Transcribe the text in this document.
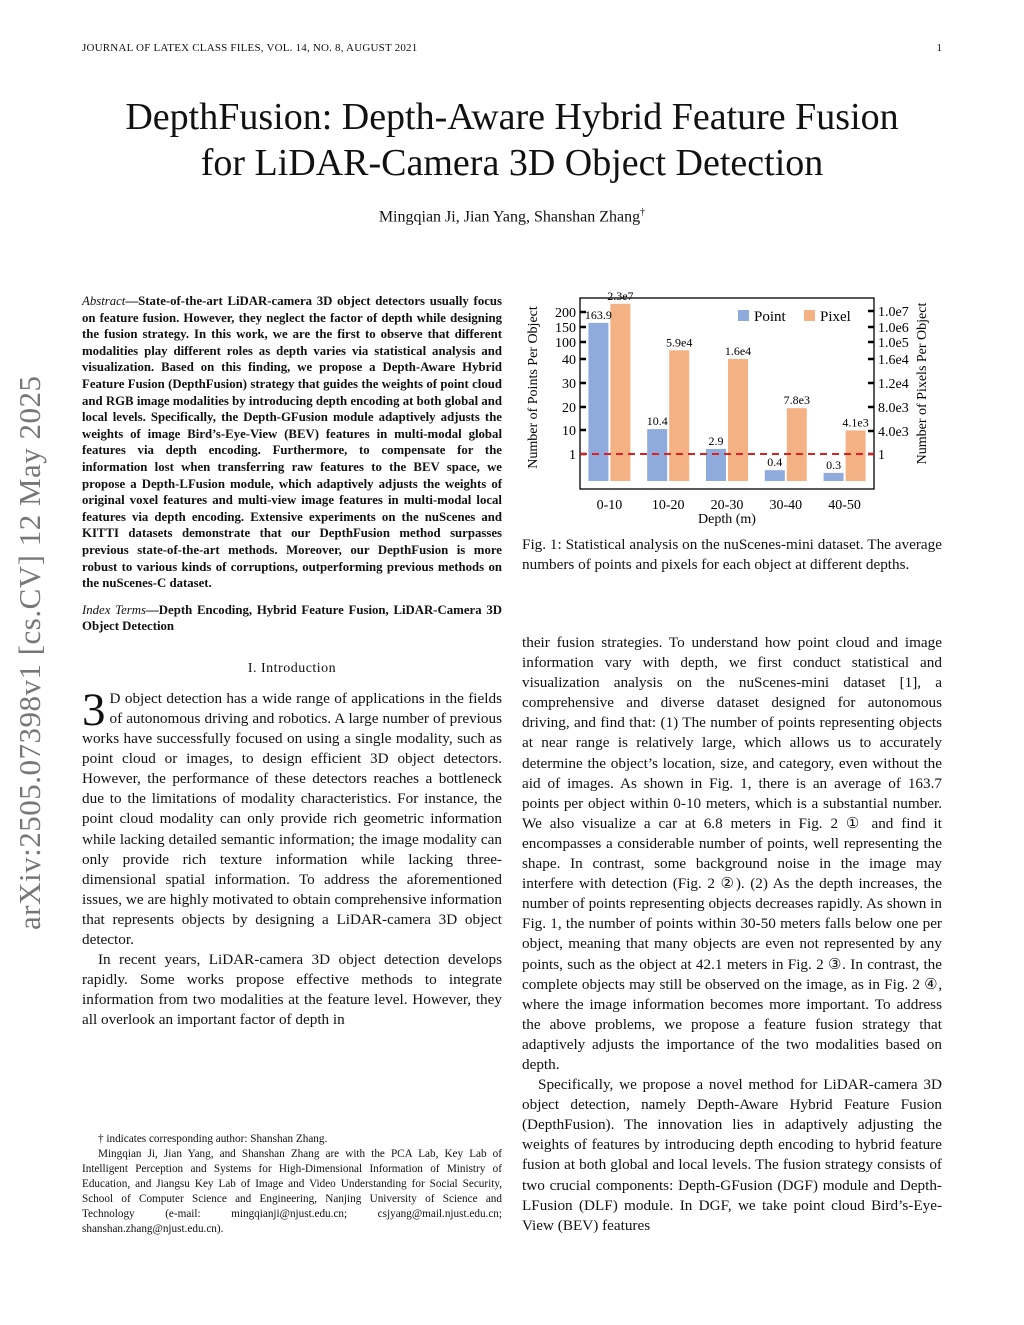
JOURNAL OF LATEX CLASS FILES, VOL. 14, NO. 8, AUGUST 2021	1
DepthFusion: Depth-Aware Hybrid Feature Fusion
for LiDAR-Camera 3D Object Detection
Mingqian Ji, Jian Yang, Shanshan Zhang†
arXiv:2505.07398v1 [cs.CV] 12 May 2025

Abstract—State-of-the-art LiDAR-camera 3D object detectors usually focus on feature fusion. However, they neglect the factor of depth while designing the fusion strategy. In this work, we are the first to observe that different modalities play different roles as depth varies via statistical analysis and visualization. Based on this finding, we propose a Depth-Aware Hybrid Feature Fusion (DepthFusion) strategy that guides the weights of point cloud and RGB image modalities by introducing depth encoding at both global and local levels. Specifically, the Depth-GFusion module adaptively adjusts the weights of image Bird’s-Eye-View (BEV) features in multi-modal global features via depth encoding. Furthermore, to compensate for the information lost when transferring raw features to the BEV space, we propose a Depth-LFusion module, which adaptively adjusts the weights of original voxel features and multi-view image features in multi-modal local features via depth encoding. Extensive experiments on the nuScenes and KITTI datasets demonstrate that our DepthFusion method surpasses previous state-of-the-art methods. Moreover, our DepthFusion is more robust to various kinds of corruptions, outperforming previous methods on the nuScenes-C dataset.

Index Terms—Depth Encoding, Hybrid Feature Fusion, LiDAR-Camera 3D Object Detection

I. Introduction

3 D object detection has a wide range of applications in the fields of autonomous driving and robotics. A large number of previous works have successfully focused on using a single modality, such as point cloud or images, to design efficient 3D object detectors. However, the performance of these detectors reaches a bottleneck due to the limitations of modality characteristics. For instance, the point cloud modality can only provide rich geometric information while lacking detailed semantic information; the image modality can only provide rich texture information while lacking three-dimensional spatial information. To address the aforementioned issues, we are highly motivated to obtain comprehensive information that represents objects by designing a LiDAR-camera 3D object detector.

In recent years, LiDAR-camera 3D object detection develops rapidly. Some works propose effective methods to integrate information from two modalities at the feature level. However, they all overlook an important factor of depth in

† indicates corresponding author: Shanshan Zhang.

Mingqian Ji, Jian Yang, and Shanshan Zhang are with the PCA Lab, Key Lab of Intelligent Perception and Systems for High-Dimensional Information of Ministry of Education, and Jiangsu Key Lab of Image and Video Understanding for Social Security, School of Computer Science and Engineering, Nanjing University of Science and Technology (e-mail: mingqianji@njust.edu.cn; csjyang@mail.njust.edu.cn; shanshan.zhang@njust.edu.cn).

1
10
20
30
40
100
150
200
1
4.0e3
8.0e3
1.2e4
1.6e4
1.0e5
1.0e6
1.0e7
163.9
2.3e7
0-10
10.4
5.9e4
10-20
2.9
1.6e4
20-30
0.4
7.8e3
30-40
0.3
4.1e3
40-50
Point Pixel
Depth (m)
Number of Points Per Object	Number of Pixels Per Object

Fig. 1: Statistical analysis on the nuScenes-mini dataset. The average numbers of points and pixels for each object at different depths.

their fusion strategies. To understand how point cloud and image information vary with depth, we first conduct statistical and visualization analysis on the nuScenes-mini dataset [1], a comprehensive and diverse dataset designed for autonomous driving, and find that: (1) The number of points representing objects at near range is relatively large, which allows us to accurately determine the object’s location, size, and category, even without the aid of images. As shown in Fig. 1, there is an average of 163.7 points per object within 0-10 meters, which is a substantial number. We also visualize a car at 6.8 meters in Fig. 2 ① and find it encompasses a considerable number of points, well representing the shape. In contrast, some background noise in the image may interfere with detection (Fig. 2 ②). (2) As the depth increases, the number of points representing objects decreases rapidly. As shown in Fig. 1, the number of points within 30-50 meters falls below one per object, meaning that many objects are even not represented by any points, such as the object at 42.1 meters in Fig. 2 ③. In contrast, the complete objects may still be observed on the image, as in Fig. 2 ④, where the image information becomes more important. To address the above problems, we propose a feature fusion strategy that adaptively adjusts the importance of the two modalities based on depth.

Specifically, we propose a novel method for LiDAR-camera 3D object detection, namely Depth-Aware Hybrid Feature Fusion (DepthFusion). The innovation lies in adaptively adjusting the weights of features by introducing depth encoding to hybrid feature fusion at both global and local levels. The fusion strategy consists of two crucial components: Depth-GFusion (DGF) module and Depth-LFusion (DLF) module. In DGF, we take point cloud Bird’s-Eye-View (BEV) features
